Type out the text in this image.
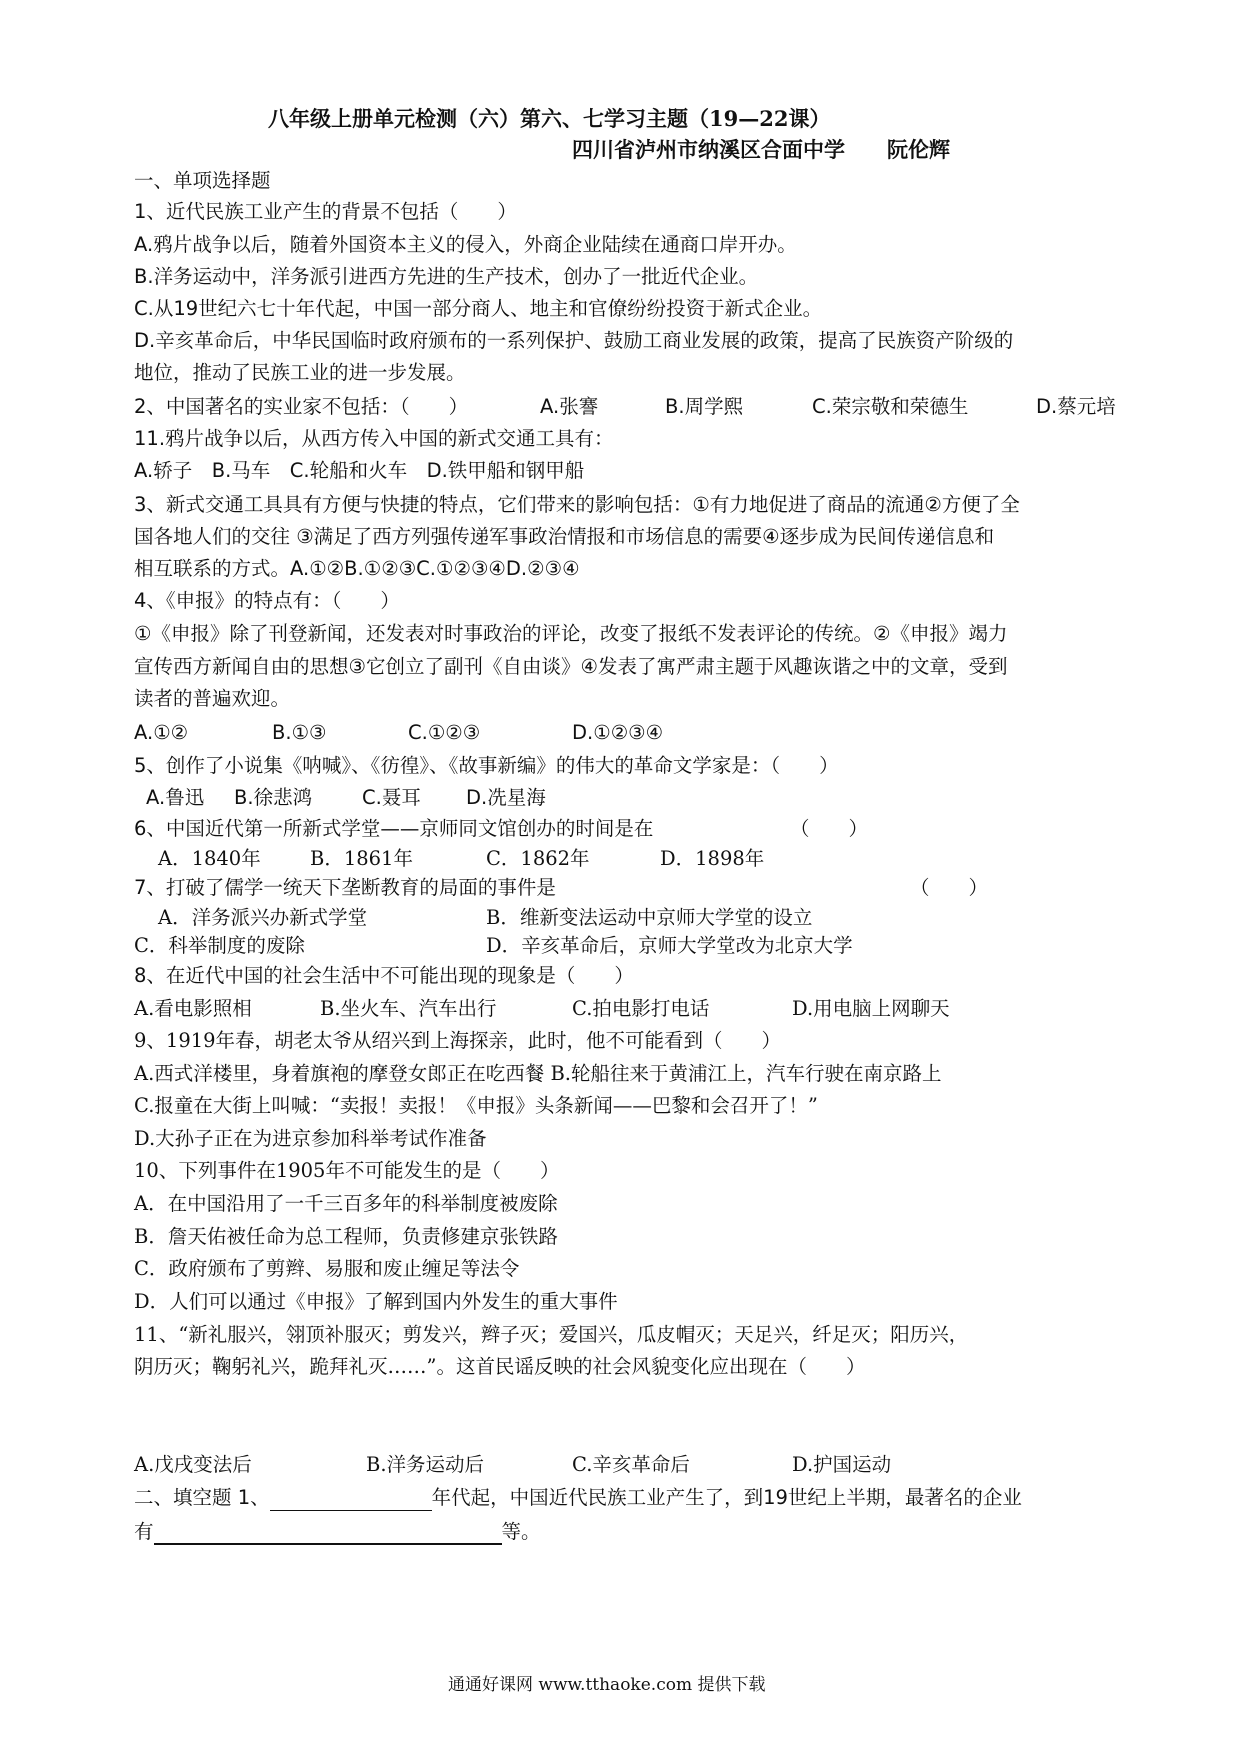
八年级上册单元检测（六）第六、七学习主题（19—22课）
四川省泸州市纳溪区合面中学　　阮伦辉
一、单项选择题
1、近代民族工业产生的背景不包括（　　）
A.鸦片战争以后，随着外国资本主义的侵入，外商企业陆续在通商口岸开办。
B.洋务运动中，洋务派引进西方先进的生产技术，创办了一批近代企业。
C.从19世纪六七十年代起，中国一部分商人、地主和官僚纷纷投资于新式企业。
D.辛亥革命后，中华民国临时政府颁布的一系列保护、鼓励工商业发展的政策，提高了民族资产阶级的
地位，推动了民族工业的进一步发展。
2、中国著名的实业家不包括：（　　）	A.张謇	B.周学熙	C.荣宗敬和荣德生	D.蔡元培
11.鸦片战争以后，从西方传入中国的新式交通工具有：
A.轿子　B.马车　C.轮船和火车　D.铁甲船和钢甲船
3、新式交通工具具有方便与快捷的特点，它们带来的影响包括：①有力地促进了商品的流通②方便了全
国各地人们的交往 ③满足了西方列强传递军事政治情报和市场信息的需要④逐步成为民间传递信息和
相互联系的方式。A.①②B.①②③C.①②③④D.②③④
4、《申报》的特点有：（　　）
①《申报》除了刊登新闻，还发表对时事政治的评论，改变了报纸不发表评论的传统。②《申报》竭力
宣传西方新闻自由的思想③它创立了副刊《自由谈》④发表了寓严肃主题于风趣诙谐之中的文章，受到
读者的普遍欢迎。
A.①②	B.①③	C.①②③	D.①②③④
5、创作了小说集《呐喊》、《彷徨》、《故事新编》的伟大的革命文学家是：（　　）
A.鲁迅 B.徐悲鸿	C.聂耳 D.冼星海
6、中国近代第一所新式学堂——京师同文馆创办的时间是在	（　　）
A．1840年	B．1861年	C．1862年	D．1898年
7、打破了儒学一统天下垄断教育的局面的事件是	（　　）
A．洋务派兴办新式学堂	B．维新变法运动中京师大学堂的设立
C．科举制度的废除	D．辛亥革命后，京师大学堂改为北京大学
8、在近代中国的社会生活中不可能出现的现象是（　　）
A.看电影照相	B.坐火车、汽车出行	C.拍电影打电话	D.用电脑上网聊天
9、1919年春，胡老太爷从绍兴到上海探亲，此时，他不可能看到（　　）
A.西式洋楼里，身着旗袍的摩登女郎正在吃西餐 B.轮船往来于黄浦江上，汽车行驶在南京路上
C.报童在大街上叫喊：“卖报！卖报！《申报》头条新闻——巴黎和会召开了！”
D.大孙子正在为进京参加科举考试作准备
10、下列事件在1905年不可能发生的是（　　）
A．在中国沿用了一千三百多年的科举制度被废除
B．詹天佑被任命为总工程师，负责修建京张铁路
C．政府颁布了剪辫、易服和废止缠足等法令
D．人们可以通过《申报》了解到国内外发生的重大事件
11、“新礼服兴，翎顶补服灭；剪发兴，辫子灭；爱国兴，瓜皮帽灭；天足兴，纤足灭；阳历兴，
阴历灭；鞠躬礼兴，跪拜礼灭……”。这首民谣反映的社会风貌变化应出现在（　　）
A.戊戌变法后	B.洋务运动后	C.辛亥革命后	D.护国运动
二、填空题 1、	年代起，中国近代民族工业产生了，到19世纪上半期，最著名的企业
有	等。
通通好课网 www.tthaoke.com 提供下载
